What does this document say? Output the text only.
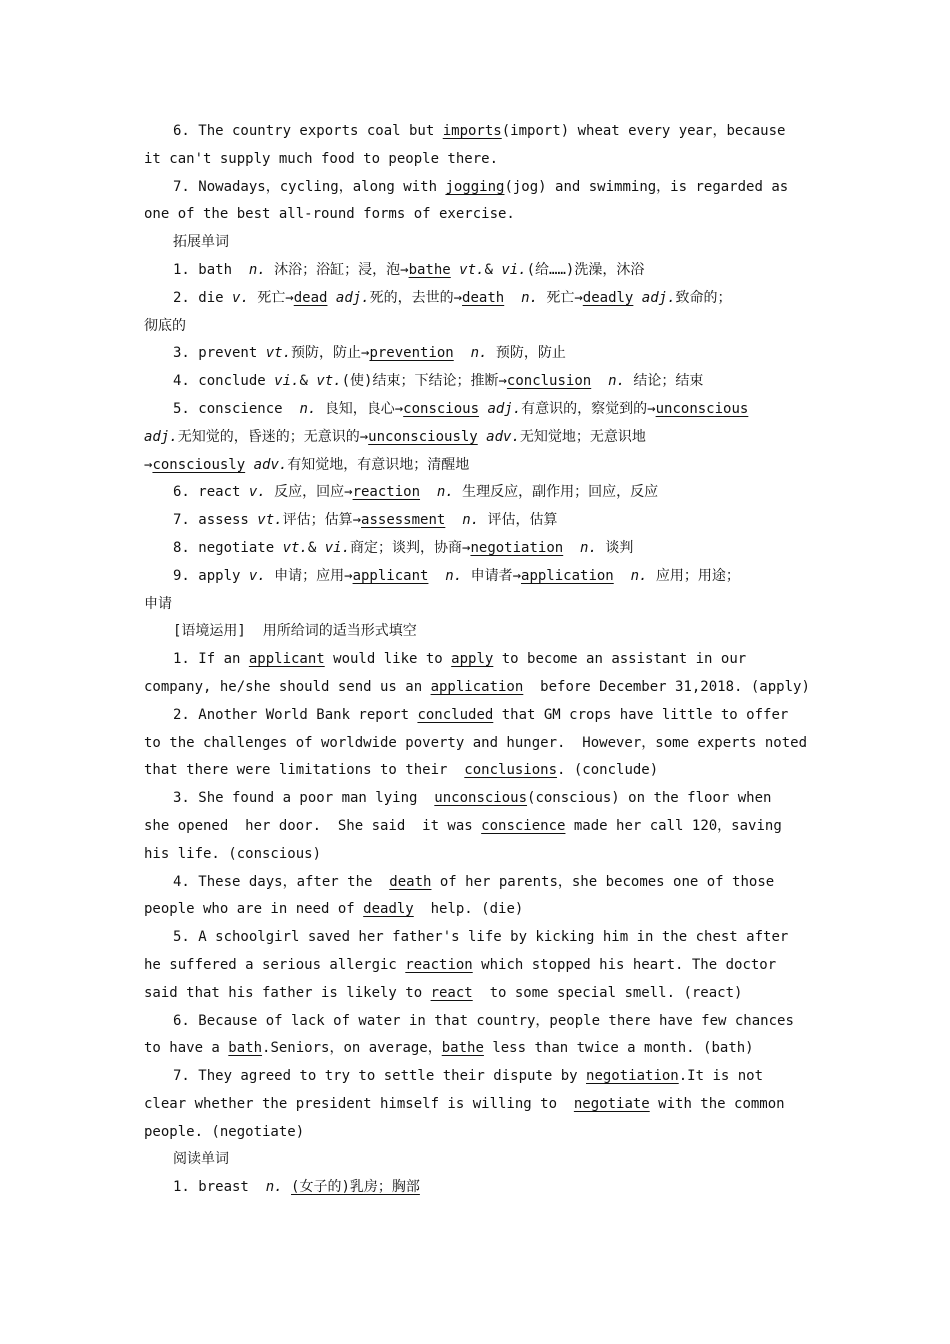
6. The country exports coal but imports(import) wheat every year，because
it can't supply much food to people there.
7. Nowadays，cycling，along with jogging(jog) and swimming，is regarded as
one of the best all-round forms of exercise.
拓展单词
1. bath  n. 沐浴；浴缸；浸，泡→bathe vt.& vi.(给……)洗澡，沐浴
2. die v. 死亡→dead adj.死的，去世的→death n. 死亡→deadly adj.致命的；
彻底的
3. prevent vt.预防，防止→prevention n. 预防，防止
4. conclude vi.& vt.(使)结束；下结论；推断→conclusion n. 结论；结束
5. conscience  n. 良知，良心→conscious adj.有意识的，察觉到的→unconscious
adj.无知觉的，昏迷的；无意识的→unconsciously adv.无知觉地；无意识地
→consciously adv.有知觉地，有意识地；清醒地
6. react v. 反应，回应→reaction n. 生理反应，副作用；回应，反应
7. assess vt.评估；估算→assessment n. 评估，估算
8. negotiate vt.& vi.商定；谈判，协商→negotiation n. 谈判
9. apply v. 申请；应用→applicant n. 申请者→application n. 应用；用途；
申请
[语境运用]  用所给词的适当形式填空
1. If an applicant would like to apply to become an assistant in our
company, he/she should send us an application  before December 31,2018. (apply)
2. Another World Bank report concluded that GM crops have little to offer
to the challenges of worldwide poverty and hunger.  However，some experts noted
that there were limitations to their  conclusions. (conclude)
3. She found a poor man lying  unconscious(conscious) on the floor when
she opened  her door.  She said  it was conscience made her call 120，saving
his life. (conscious)
4. These days，after the  death of her parents，she becomes one of those
people who are in need of deadly  help. (die)
5. A schoolgirl saved her father's life by kicking him in the chest after
he suffered a serious allergic reaction which stopped his heart. The doctor
said that his father is likely to react  to some special smell. (react)
6. Because of lack of water in that country，people there have few chances
to have a bath.Seniors，on average，bathe less than twice a month. (bath)
7. They agreed to try to settle their dispute by negotiation.It is not
clear whether the president himself is willing to  negotiate with the common
people. (negotiate)
阅读单词
1. breast  n. (女子的)乳房；胸部
